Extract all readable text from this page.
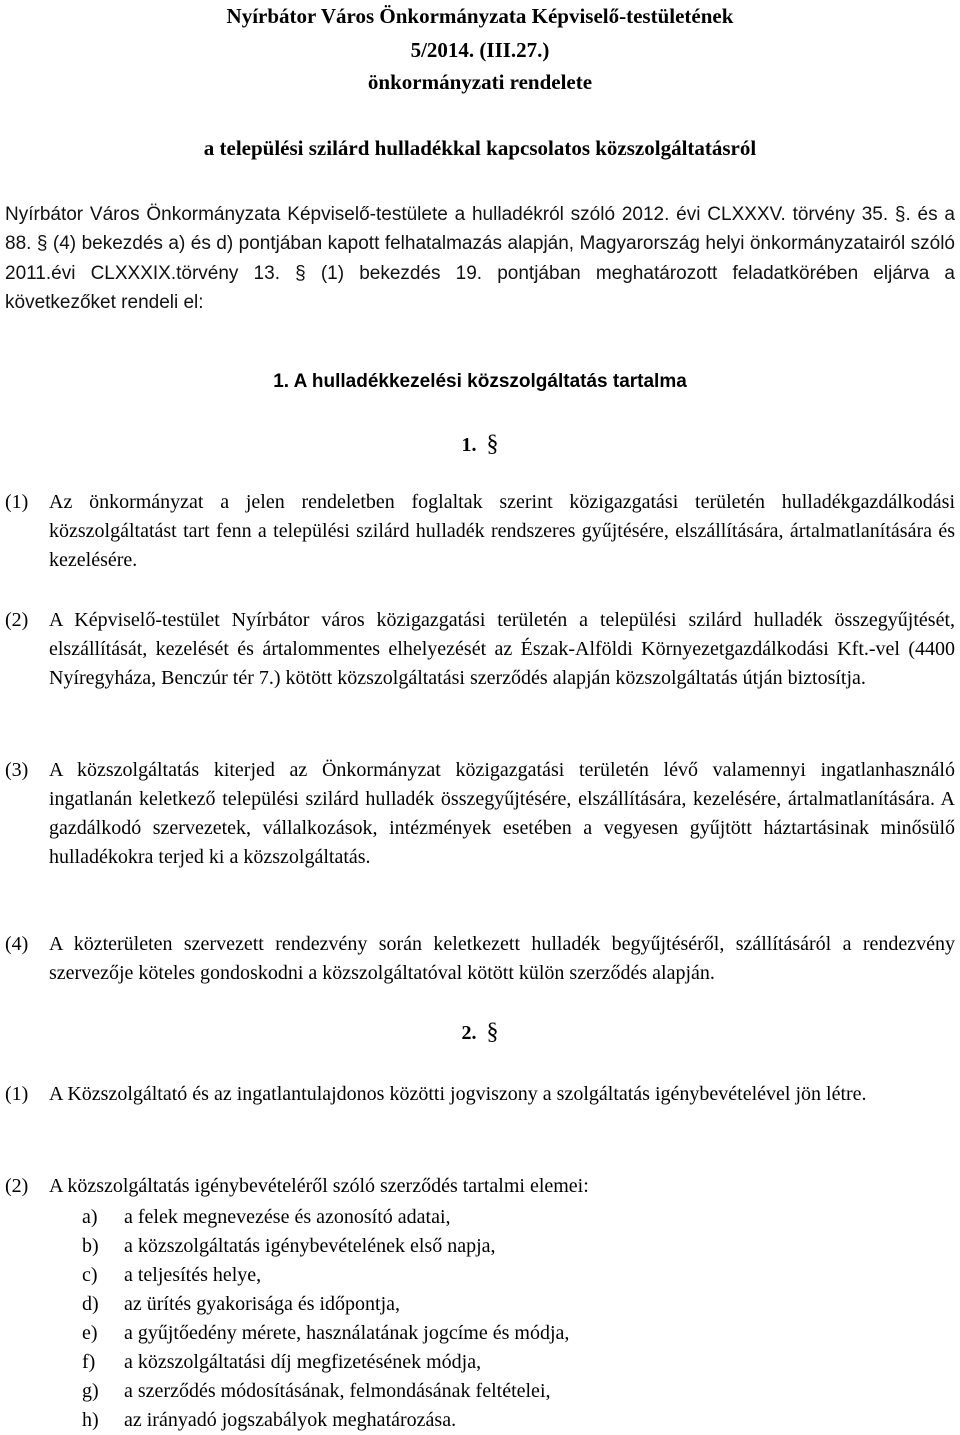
Nyírbátor Város Önkormányzata Képviselő-testületének
5/2014. (III.27.)
önkormányzati rendelete
a települési szilárd hulladékkal kapcsolatos közszolgáltatásról
Nyírbátor Város Önkormányzata Képviselő-testülete a hulladékról szóló 2012. évi CLXXXV. törvény 35. §. és a 88. § (4) bekezdés a) és d) pontjában kapott felhatalmazás alapján, Magyarország helyi önkormányzatairól szóló 2011.évi CLXXXIX.törvény 13. § (1) bekezdés 19. pontjában meghatározott feladatkörében eljárva a következőket rendeli el:
1. A hulladékkezelési közszolgáltatás tartalma
1. §
(1) Az önkormányzat a jelen rendeletben foglaltak szerint közigazgatási területén hulladékgazdálkodási közszolgáltatást tart fenn a települési szilárd hulladék rendszeres gyűjtésére, elszállítására, ártalmatlanítására és kezelésére.
(2) A Képviselő-testület Nyírbátor város közigazgatási területén a települési szilárd hulladék összegyűjtését, elszállítását, kezelését és ártalommentes elhelyezését az Észak-Alföldi Környezetgazdálkodási Kft.-vel (4400 Nyíregyháza, Benczúr tér 7.) kötött közszolgáltatási szerződés alapján közszolgáltatás útján biztosítja.
(3) A közszolgáltatás kiterjed az Önkormányzat közigazgatási területén lévő valamennyi ingatlanhasználó ingatlanán keletkező települési szilárd hulladék összegyűjtésére, elszállítására, kezelésére, ártalmatlanítására. A gazdálkodó szervezetek, vállalkozások, intézmények esetében a vegyesen gyűjtött háztartásinak minősülő hulladékokra terjed ki a közszolgáltatás.
(4) A közterületen szervezett rendezvény során keletkezett hulladék begyűjtéséről, szállításáról a rendezvény szervezője köteles gondoskodni a közszolgáltatóval kötött külön szerződés alapján.
2. §
(1) A Közszolgáltató és az ingatlantulajdonos közötti jogviszony a szolgáltatás igénybevételével jön létre.
(2) A közszolgáltatás igénybevételéről szóló szerződés tartalmi elemei:
a) a felek megnevezése és azonosító adatai,
b) a közszolgáltatás igénybevételének első napja,
c) a teljesítés helye,
d) az ürítés gyakorisága és időpontja,
e) a gyűjtőedény mérete, használatának jogcíme és módja,
f) a közszolgáltatási díj megfizetésének módja,
g) a szerződés módosításának, felmondásának feltételei,
h) az irányadó jogszabályok meghatározása.
